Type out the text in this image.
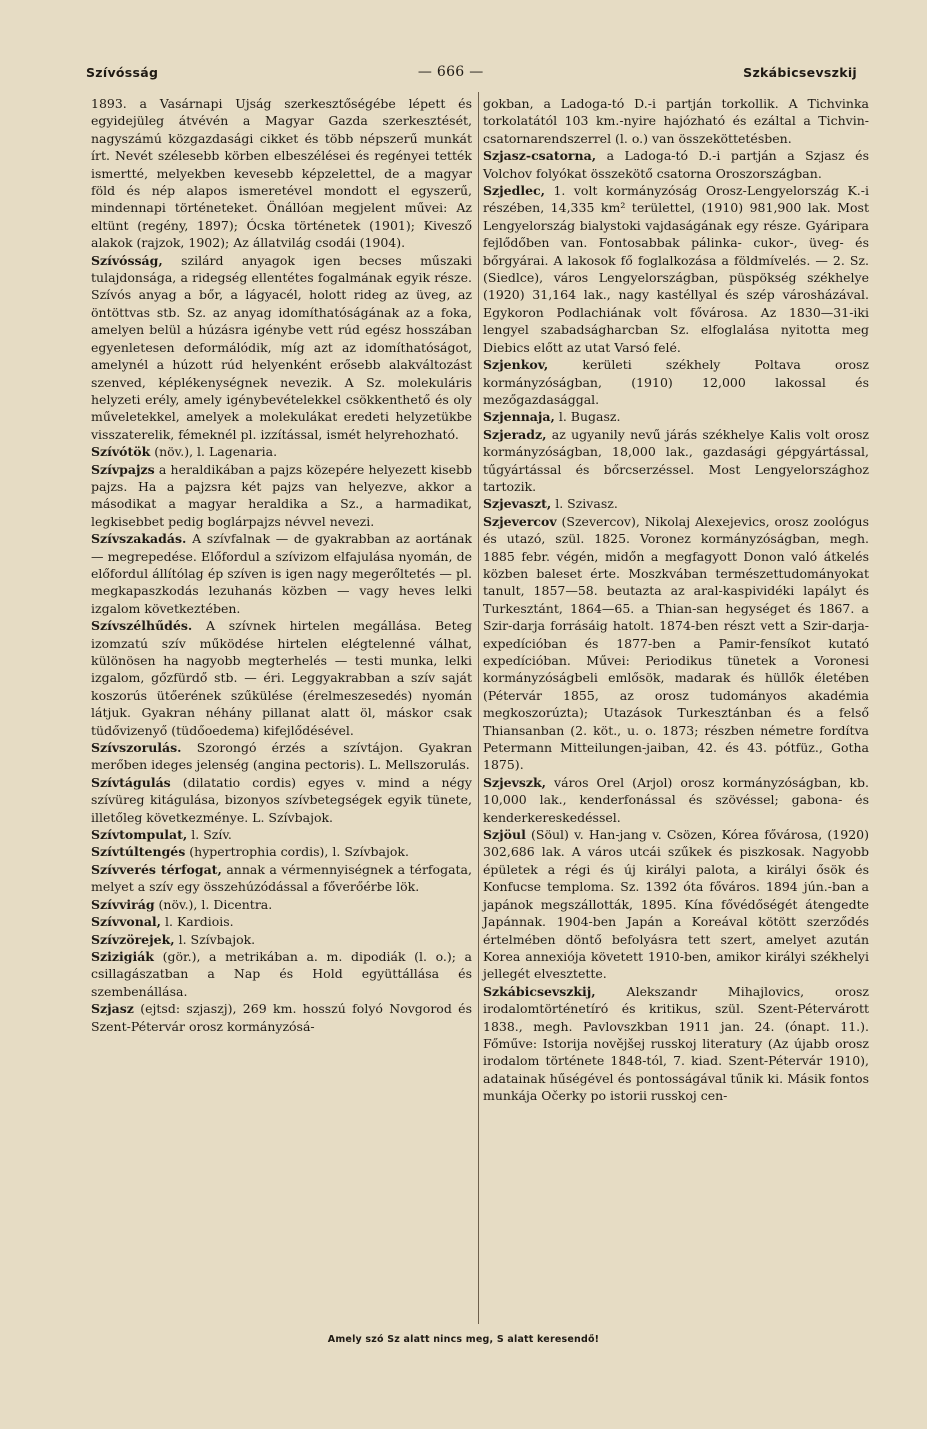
Szívósság	— 666 —	Szkábicsevszkij

1893. a Vasárnapi Ujság szerkesztőségébe lépett és egyidejüleg átvévén a Magyar Gazda szerkesztését, nagyszámú közgazdasági cikket és több népszerű munkát írt. Nevét szélesebb körben elbeszélései és regényei tették ismertté, melyekben kevesebb képzelettel, de a magyar föld és nép alapos ismeretével mondott el egyszerű, mindennapi történeteket. Önállóan megjelent művei: Az eltünt (regény, 1897); Ócska történetek (1901); Kivesző alakok (rajzok, 1902); Az állatvilág csodái (1904).

Szívósság, szilárd anyagok igen becses műszaki tulajdonsága, a ridegség ellentétes fogalmának egyik része. Szívós anyag a bőr, a lágyacél, holott rideg az üveg, az öntöttvas stb. Sz. az anyag idomíthatóságának az a foka, amelyen belül a húzásra igénybe vett rúd egész hosszában egyenletesen deformálódik, míg azt az idomíthatóságot, amelynél a húzott rúd helyenként erősebb alakváltozást szenved, képlékenységnek nevezik. A Sz. molekuláris helyzeti erély, amely igénybevételekkel csökkenthető és oly műveletekkel, amelyek a molekulákat eredeti helyzetükbe visszaterelik, fémeknél pl. izzítással, ismét helyrehozható.

Szívótök (növ.), l. Lagenaria.

Szívpajzs a heraldikában a pajzs közepére helyezett kisebb pajzs. Ha a pajzsra két pajzs van helyezve, akkor a másodikat a magyar heraldika a Sz., a harmadikat, legkisebbet pedig boglárpajzs névvel nevezi.

Szívszakadás. A szívfalnak — de gyakrabban az aortának — megrepedése. Előfordul a szívizom elfajulása nyomán, de előfordul állítólag ép szíven is igen nagy megerőltetés — pl. megkapaszkodás lezuhanás közben — vagy heves lelki izgalom következtében.

Szívszélhűdés. A szívnek hirtelen megállása. Beteg izomzatú szív működése hirtelen elégtelenné válhat, különösen ha nagyobb megterhelés — testi munka, lelki izgalom, gőzfürdő stb. — éri. Leggyakrabban a szív saját koszorús ütőerének szűkülése (érelmeszesedés) nyomán látjuk. Gyakran néhány pillanat alatt öl, máskor csak tüdővizenyő (tüdőoedema) kifejlődésével.

Szívszorulás. Szorongó érzés a szívtájon. Gyakran merőben ideges jelenség (angina pectoris). L. Mellszorulás.

Szívtágulás (dilatatio cordis) egyes v. mind a négy szívüreg kitágulása, bizonyos szívbetegségek egyik tünete, illetőleg következménye. L. Szívbajok.

Szívtompulat, l. Szív.

Szívtúltengés (hypertrophia cordis), l. Szívbajok.

Szívverés térfogat, annak a vérmennyiségnek a térfogata, melyet a szív egy összehúzódással a főverőérbe lök.

Szívvirág (növ.), l. Dicentra.

Szívvonal, l. Kardiois.

Szívzörejek, l. Szívbajok.

Szizigiák (gör.), a metrikában a. m. dipodiák (l. o.); a csillagászatban a Nap és Hold együttállása és szembenállása.

Szjasz (ejtsd: szjaszj), 269 km. hosszú folyó Novgorod és Szent-Pétervár orosz kormányzósá-

gokban, a Ladoga-tó D.-i partján torkollik. A Tichvinka torkolatától 103 km.-nyire hajózható és ezáltal a Tichvin-csatornarendszerrel (l. o.) van összeköttetésben.

Szjasz-csatorna, a Ladoga-tó D.-i partján a Szjasz és Volchov folyókat összekötő csatorna Oroszországban.

Szjedlec, 1. volt kormányzóság Orosz-Lengyelország K.-i részében, 14,335 km² területtel, (1910) 981,900 lak. Most Lengyelország bialystoki vajdaságának egy része. Gyáripara fejlődőben van. Fontosabbak pálinka- cukor-, üveg- és bőrgyárai. A lakosok fő foglalkozása a földmívelés. — 2. Sz. (Siedlce), város Lengyelországban, püspökség székhelye (1920) 31,164 lak., nagy kastéllyal és szép városházával. Egykoron Podlachiának volt fővárosa. Az 1830—31-iki lengyel szabadságharcban Sz. elfoglalása nyitotta meg Diebics előtt az utat Varsó felé.

Szjenkov, kerületi székhely Poltava orosz kormányzóságban, (1910) 12,000 lakossal és mezőgazdasággal.

Szjennaja, l. Bugasz.

Szjeradz, az ugyanily nevű járás székhelye Kalis volt orosz kormányzóságban, 18,000 lak., gazdasági gépgyártással, tűgyártással és bőrcserzéssel. Most Lengyelországhoz tartozik.

Szjevaszt, l. Szivasz.

Szjevercov (Szevercov), Nikolaj Alexejevics, orosz zoológus és utazó, szül. 1825. Voronez kormányzóságban, megh. 1885 febr. végén, midőn a megfagyott Donon való átkelés közben baleset érte. Moszkvában természettudományokat tanult, 1857—58. beutazta az aral-kaspividéki lapályt és Turkesztánt, 1864—65. a Thian-san hegységet és 1867. a Szir-darja forrásáig hatolt. 1874-ben részt vett a Szir-darja-expedícióban és 1877-ben a Pamir-fensíkot kutató expedícióban. Művei: Periodikus tünetek a Voronesi kormányzóságbeli emlősök, madarak és hüllők életében (Pétervár 1855, az orosz tudományos akadémia megkoszorúzta); Utazások Turkesztánban és a felső Thiansanban (2. köt., u. o. 1873; részben németre fordítva Petermann Mitteilungen-jaiban, 42. és 43. pótfüz., Gotha 1875).

Szjevszk, város Orel (Arjol) orosz kormányzóságban, kb. 10,000 lak., kenderfonással és szövéssel; gabona- és kenderkereskedéssel.

Szjöul (Söul) v. Han-jang v. Csözen, Kórea fővárosa, (1920) 302,686 lak. A város utcái szűkek és piszkosak. Nagyobb épületek a régi és új királyi palota, a királyi ősök és Konfucse temploma. Sz. 1392 óta főváros. 1894 jún.-ban a japánok megszállották, 1895. Kína fővédőségét átengedte Japánnak. 1904-ben Japán a Koreával kötött szerződés értelmében döntő befolyásra tett szert, amelyet azután Korea annexiója követett 1910-ben, amikor királyi székhelyi jellegét elvesztette.

Szkábicsevszkij, Alekszandr Mihajlovics, orosz irodalomtörténetíró és kritikus, szül. Szent-Pétervárott 1838., megh. Pavlovszkban 1911 jan. 24. (ónapt. 11.). Főműve: Istorija novějšej russkoj literatury (Az újabb orosz irodalom története 1848-tól, 7. kiad. Szent-Pétervár 1910), adatainak hűségével és pontosságával tűnik ki. Másik fontos munkája Očerky po istorii russkoj cen-

Amely szó Sz alatt nincs meg, S alatt keresendő!
